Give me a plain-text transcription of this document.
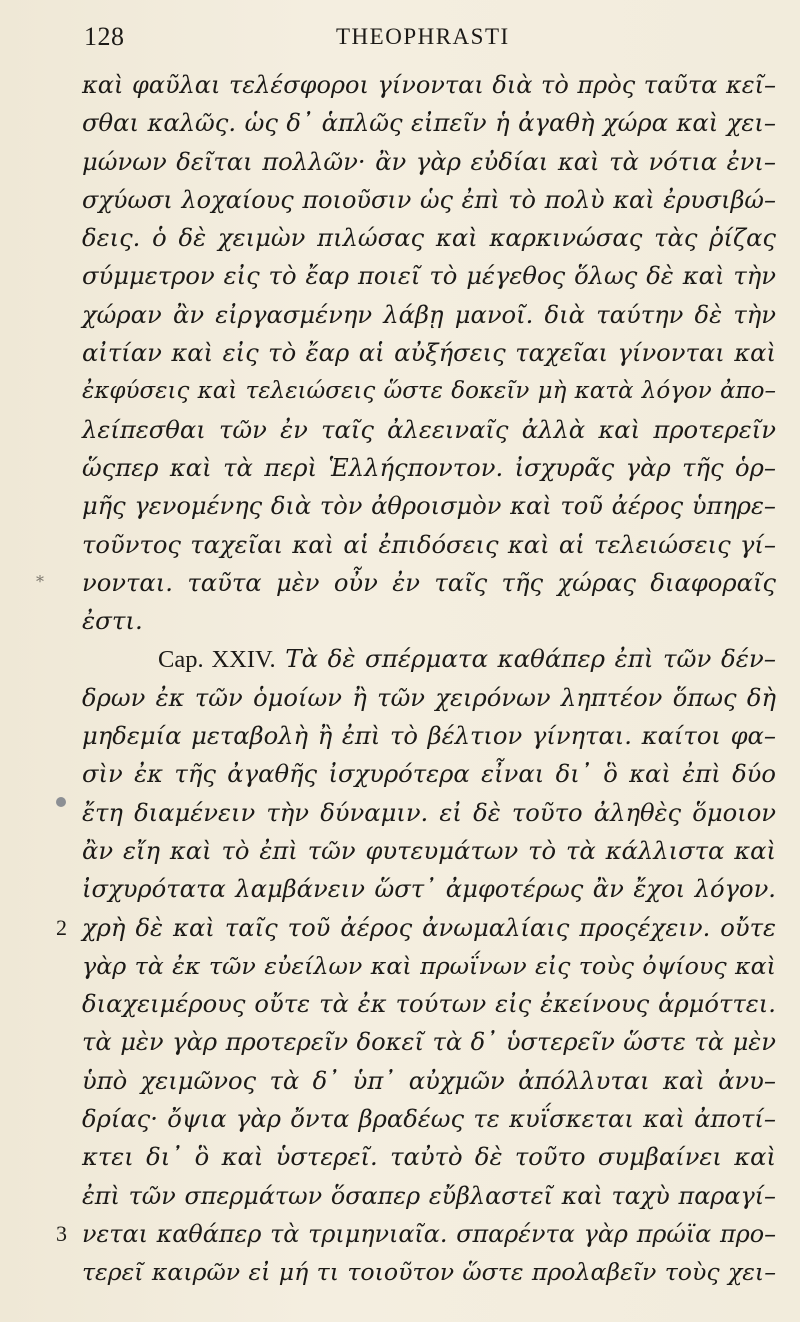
128	THEOPHRASTI
*
καὶ φαῦλαι τελέσφοροι γίνονται διὰ τὸ πρὸς ταῦτα κεῖ–
σθαι καλῶς. ὡς δ᾽ ἁπλῶς εἰπεῖν ἡ ἀγαθὴ χώρα καὶ χει–
μώνων δεῖται πολλῶν· ἂν γὰρ εὐδίαι καὶ τὰ νότια ἐνι–
σχύωσι λοχαίους ποιοῦσιν ὡς ἐπὶ τὸ πολὺ καὶ ἐρυσιβώ–
δεις. ὁ δὲ χειμὼν πιλώσας καὶ καρκινώσας τὰς ῥίζας
σύμμετρον εἰς τὸ ἔαρ ποιεῖ τὸ μέγεθος ὅλως δὲ καὶ τὴν
χώραν ἂν εἰργασμένην λάβῃ μανοῖ. διὰ ταύτην δὲ τὴν
αἰτίαν καὶ εἰς τὸ ἔαρ αἱ αὐξήσεις ταχεῖαι γίνονται καὶ
ἐκφύσεις καὶ τελειώσεις ὥστε δοκεῖν μὴ κατὰ λόγον ἀπο–
λείπεσθαι τῶν ἐν ταῖς ἀλεειναῖς ἀλλὰ καὶ προτερεῖν
ὥςπερ καὶ τὰ περὶ Ἑλλήςποντον. ἰσχυρᾶς γὰρ τῆς ὁρ–
μῆς γενομένης διὰ τὸν ἀθροισμὸν καὶ τοῦ ἀέρος ὑπηρε–
τοῦντος ταχεῖαι καὶ αἱ ἐπιδόσεις καὶ αἱ τελειώσεις γί–
νονται. ταῦτα μὲν οὖν ἐν ταῖς τῆς χώρας διαφοραῖς
ἐστι.
Cap. XXIV. Τὰ δὲ σπέρματα καθάπερ ἐπὶ τῶν δέν–
δρων ἐκ τῶν ὁμοίων ἢ τῶν χειρόνων ληπτέον ὅπως δὴ
μηδεμία μεταβολὴ ἢ ἐπὶ τὸ βέλτιον γίνηται. καίτοι φα–
σὶν ἐκ τῆς ἀγαθῆς ἰσχυρότερα εἶναι δι᾽ ὃ καὶ ἐπὶ δύο
ἔτη διαμένειν τὴν δύναμιν. εἰ δὲ τοῦτο ἀληθὲς ὅμοιον
ἂν εἴη καὶ τὸ ἐπὶ τῶν φυτευμάτων τὸ τὰ κάλλιστα καὶ
ἰσχυρότατα λαμβάνειν ὥστ᾽ ἀμφοτέρως ἂν ἔχοι λόγον.
2 χρὴ δὲ καὶ ταῖς τοῦ ἀέρος ἀνωμαλίαις προςέχειν. οὔτε
γὰρ τὰ ἐκ τῶν εὐείλων καὶ πρωΐνων εἰς τοὺς ὀψίους καὶ
διαχειμέρους οὔτε τὰ ἐκ τούτων εἰς ἐκείνους ἁρμόττει.
τὰ μὲν γὰρ προτερεῖν δοκεῖ τὰ δ᾽ ὑστερεῖν ὥστε τὰ μὲν
ὑπὸ χειμῶνος τὰ δ᾽ ὑπ᾽ αὐχμῶν ἀπόλλυται καὶ ἀνυ–
δρίας· ὄψια γὰρ ὄντα βραδέως τε κυΐσκεται καὶ ἀποτί–
κτει δι᾽ ὃ καὶ ὑστερεῖ. ταὐτὸ δὲ τοῦτο συμβαίνει καὶ
ἐπὶ τῶν σπερμάτων ὅσαπερ εὔβλαστεῖ καὶ ταχὺ παραγί–
3 νεται καθάπερ τὰ τριμηνιαῖα. σπαρέντα γὰρ πρώϊα προ–
τερεῖ καιρῶν εἰ μή τι τοιοῦτον ὥστε προλαβεῖν τοὺς χει–
